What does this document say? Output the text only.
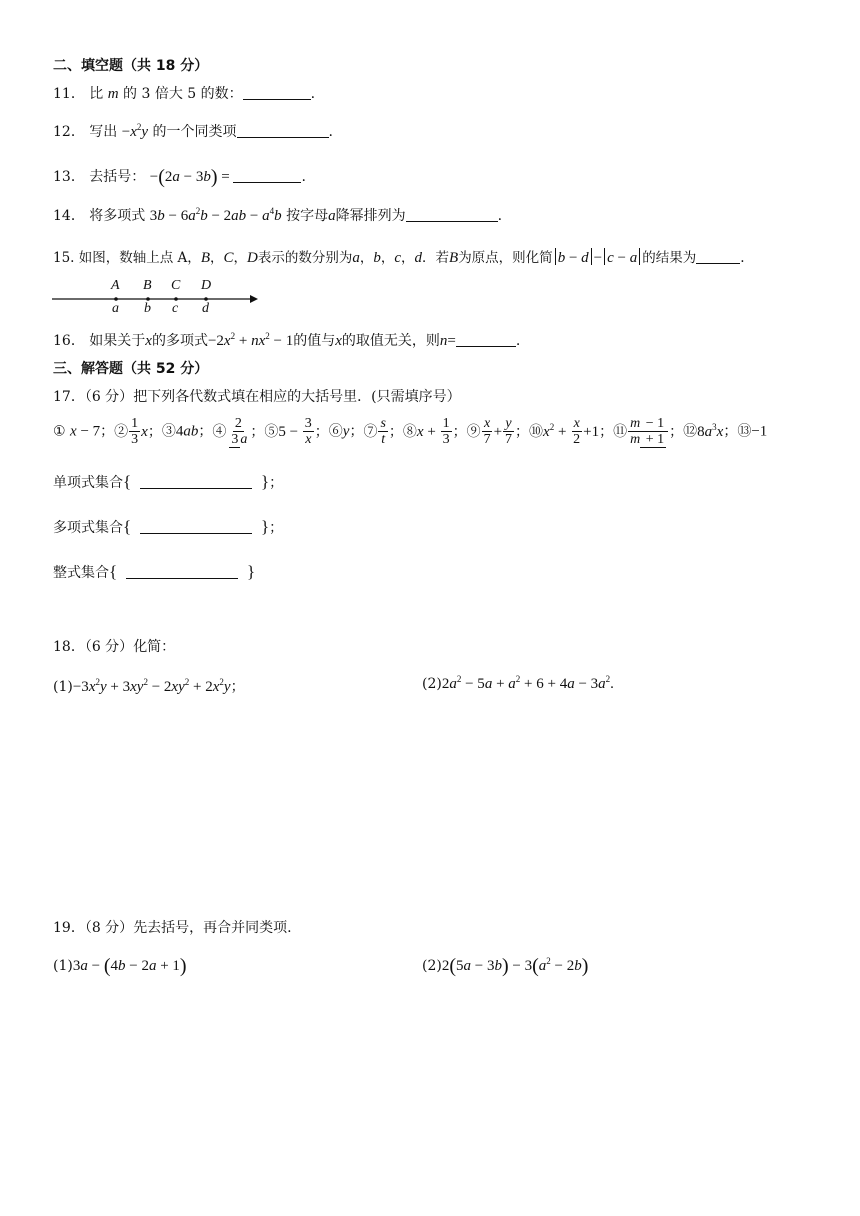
二、填空题（共 18 分）
11． 比 m 的 3 倍大 5 的数：	.
12． 写出 $-x^2y$ 的一个同类项	.
13． 去括号： −(2a − 3b) =	.
14． 将多项式 $3b - 6a^2b - 2ab - a^4b$ 按字母a降幂排列为	.
15. 如图，数轴上点 A，B，C，D表示的数分别为a，b，c，d．若B为原点，则化简 b − d − c − a 的结果为	.
A B C D
a b c d
16． 如果关于x的多项式$-2x^2 + nx^2 - 1$的值与x的取值无关，则n=	.
三、解答题（共 52 分）
17．（6 分）把下列各代数式填在相应的大括号里．(只需填序号）
① x − 7；② $\frac{1}{3}$ x；③4ab；④ $\frac{2}{3 a}$ ；⑤5 − $\frac{3}{x}$ ；⑥y；⑦ $\frac{s}{t}$ ；⑧x + $\frac{1}{3}$ ；⑨ $\frac{x}{7} + \frac{y}{7}$ ；$⑩x^2 + \frac{x}{2} +1$；⑪ $\frac{m - 1}{m + 1}$ ；$⑫8a^3x$；⑬−1
单项式集合{	}；
多项式集合{	}；
整式集合{	}
18．（6 分）化简：
$(1)-3x^2y + 3xy^2 - 2xy^2 + 2x^2y$；	$(2)2a^2 - 5a + a^2 + 6 + 4a - 3a^2$.
19．（8 分）先去括号，再合并同类项.
(1)3a − (4b − 2a + 1)	$(2)2(5a - 3b) - 3(a^2 - 2b)$
